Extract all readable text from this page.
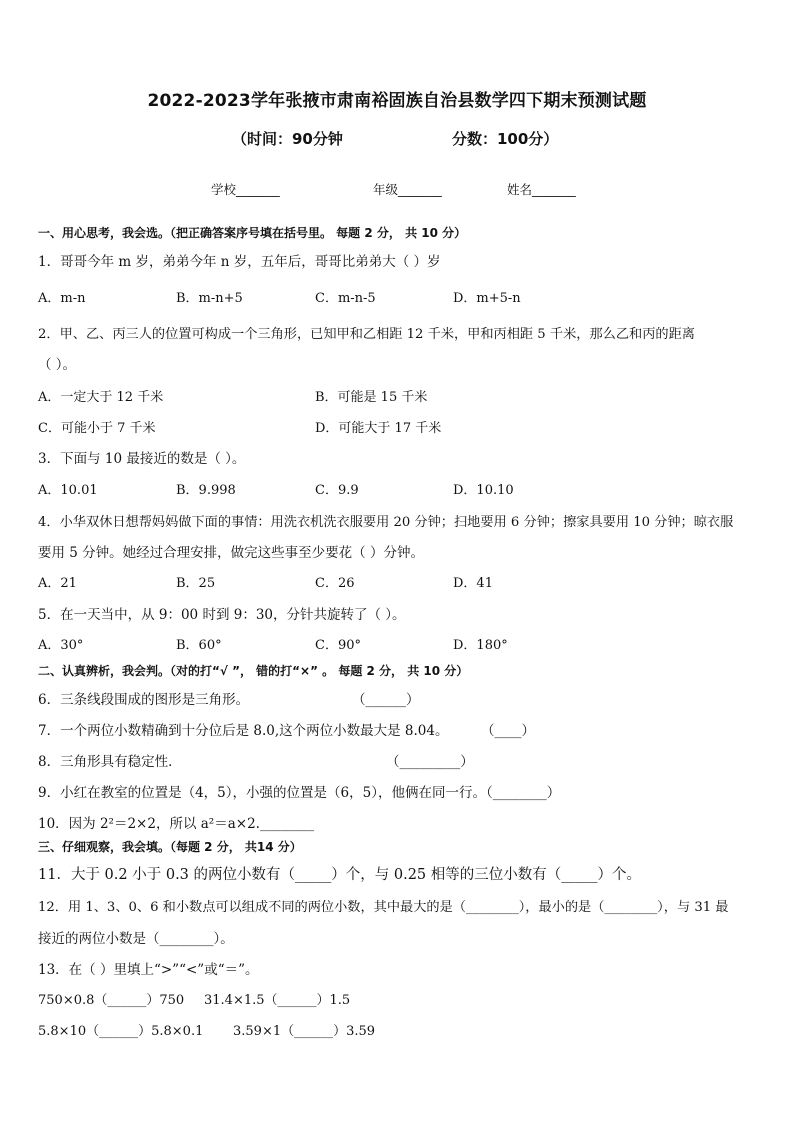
2022-2023学年张掖市肃南裕固族自治县数学四下期末预测试题
（时间：90分钟	分数：100分）
学校_______	年级_______	姓名_______
一、用心思考，我会选。（把正确答案序号填在括号里。 每题 2 分， 共 10 分）
1．哥哥今年 m 岁，弟弟今年 n 岁，五年后，哥哥比弟弟大（ ）岁
A．m-n	B．m-n+5	C．m-n-5	D．m+5-n
2．甲、乙、丙三人的位置可构成一个三角形，已知甲和乙相距 12 千米，甲和丙相距 5 千米，那么乙和丙的距离
（ ）。
A．一定大于 12 千米	B．可能是 15 千米
C．可能小于 7 千米	D．可能大于 17 千米
3．下面与 10 最接近的数是（ ）。
A．10.01	B．9.998	C．9.9	D．10.10
4．小华双休日想帮妈妈做下面的事情：用洗衣机洗衣服要用 20 分钟；扫地要用 6 分钟；擦家具要用 10 分钟；晾衣服
要用 5 分钟。她经过合理安排，做完这些事至少要花（ ）分钟。
A．21	B．25	C．26	D．41
5．在一天当中，从 9：00 时到 9：30，分针共旋转了（ ）。
A．30°	B．60°	C．90°	D．180°
二、认真辨析，我会判。（对的打“√ ”， 错的打“×” 。 每题 2 分， 共 10 分）
6．三条线段围成的图形是三角形。	（______）
7．一个两位小数精确到十分位后是 8.0,这个两位小数最大是 8.04。 （____）
8．三角形具有稳定性．	（_________）
9．小红在教室的位置是（4，5），小强的位置是（6，5），他俩在同一行。（________）
10．因为 2²＝2×2，所以 a²＝a×2.________
三、仔细观察，我会填。（每题 2 分， 共14 分）
11．大于 0.2 小于 0.3 的两位小数有（_____）个，与 0.25 相等的三位小数有（_____）个。
12．用 1、3、0、6 和小数点可以组成不同的两位小数，其中最大的是（________），最小的是（________），与 31 最
接近的两位小数是（________）。
13．在（ ）里填上“>”“<”或“＝”。
750×0.8（______）750 31.4×1.5（______）1.5
5.8×10（______）5.8×0.1 3.59×1（______）3.59
